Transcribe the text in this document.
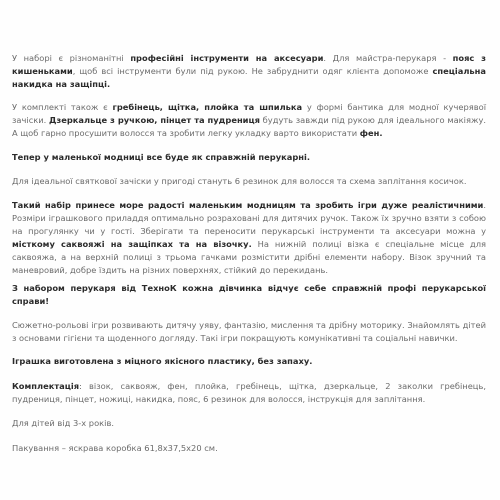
У наборі є різноманітні професійні інструменти на аксесуари. Для майстра-перукаря - пояс з кишеньками, щоб всі інструменти були під рукою. Не забруднити одяг клієнта допоможе спеціальна накидка на защіпці.

У комплекті також є гребінець, щітка, плойка та шпилька у формі бантика для модної кучерявої зачіски. Дзеркальце з ручкою, пінцет та пудрениця будуть завжди під рукою для ідеального макіяжу. А щоб гарно просушити волосся та зробити легку укладку варто використати фен.

Тепер у маленької модниці все буде як справжній перукарні.

Для ідеальної святкової зачіски у пригоді стануть 6 резинок для волосся та схема заплітання косичок.

Такий набір принесе море радості маленьким модницям та зробить ігри дуже реалістичними. Розміри іграшкового приладдя оптимально розраховані для дитячих ручок. Також їх зручно взяти з собою на прогулянку чи у гості. Зберігати та переносити перукарські інструменти та аксесуари можна у місткому саквояжі на защіпках та на візочку. На нижній полиці візка є спеціальне місце для саквояжа, а на верхній полиці з трьома гачками розмістити дрібні елементи набору. Візок зручний та маневровий, добре їздить на різних поверхнях, стійкий до перекидань.

З набором перукаря від ТехноК кожна дівчинка відчує себе справжній профі перукарської справи!

Сюжетно-рольові ігри розвивають дитячу уяву, фантазію, мислення та дрібну моторику. Знайомлять дітей з основами гігієни та щоденного догляду. Такі ігри покращують комунікативні та соціальні навички.

Іграшка виготовлена з міцного якісного пластику, без запаху.

Комплектація: візок, саквояж, фен, плойка, гребінець, щітка, дзеркальце, 2 заколки гребінець, пудрениця, пінцет, ножиці, накидка, пояс, 6 резинок для волосся, інструкція для заплітання.

Для дітей від 3-х років.

Пакування – яскрава коробка 61,8х37,5х20 см.
